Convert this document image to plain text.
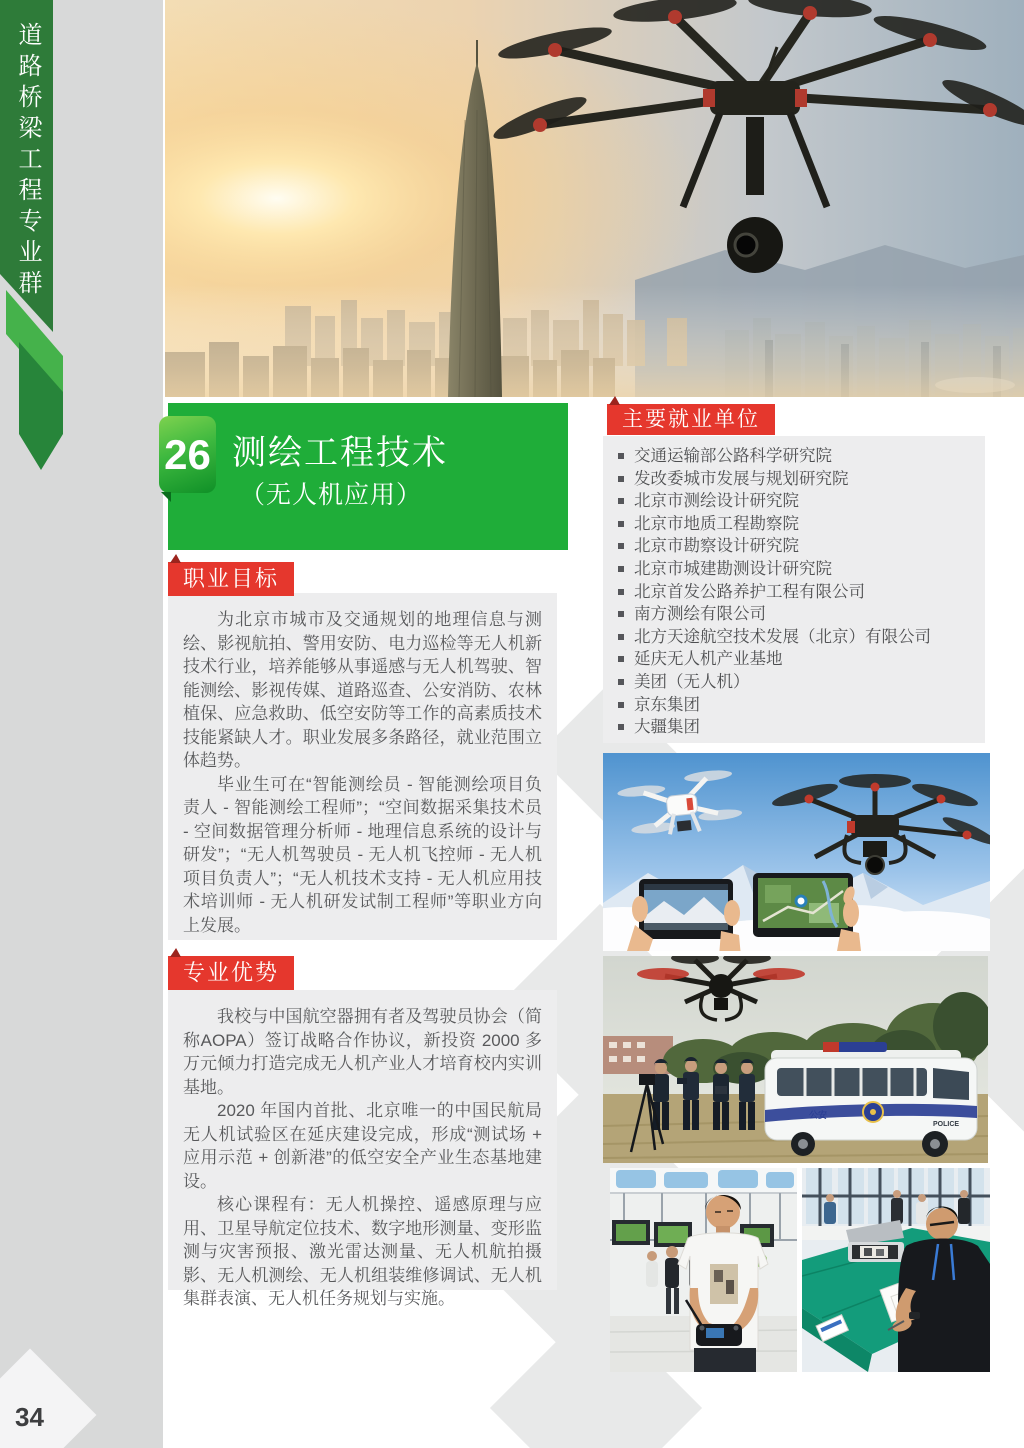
道路桥梁工程专业群
26 测绘工程技术
（无人机应用）
职业目标

为北京市城市及交通规划的地理信息与测绘、影视航拍、警用安防、电力巡检等无人机新技术行业，培养能够从事遥感与无人机驾驶、智能测绘、影视传媒、道路巡查、公安消防、农林植保、应急救助、低空安防等工作的高素质技术技能紧缺人才。职业发展多条路径，就业范围立体趋势。

毕业生可在“智能测绘员 - 智能测绘项目负责人 - 智能测绘工程师”；“空间数据采集技术员 - 空间数据管理分析师 - 地理信息系统的设计与研发”；“无人机驾驶员 - 无人机飞控师 - 无人机项目负责人”；“无人机技术支持 - 无人机应用技术培训师 - 无人机研发试制工程师”等职业方向上发展。

专业优势

我校与中国航空器拥有者及驾驶员协会（简称AOPA）签订战略合作协议，新投资 2000 多万元倾力打造完成无人机产业人才培育校内实训基地。

2020 年国内首批、北京唯一的中国民航局无人机试验区在延庆建设完成，形成“测试场 + 应用示范 + 创新港”的低空安全产业生态基地建设。

核心课程有：无人机操控、遥感原理与应用、卫星导航定位技术、数字地形测量、变形监测与灾害预报、激光雷达测量、无人机航拍摄影、无人机测绘、无人机组装维修调试、无人机集群表演、无人机任务规划与实施。

主要就业单位
交通运输部公路科学研究院
发改委城市发展与规划研究院
北京市测绘设计研究院
北京市地质工程勘察院
北京市勘察设计研究院
北京市城建勘测设计研究院
北京首发公路养护工程有限公司
南方测绘有限公司
北方天途航空技术发展（北京）有限公司
延庆无人机产业基地
美团（无人机）
京东集团
大疆集团
公安
POLICE
34
